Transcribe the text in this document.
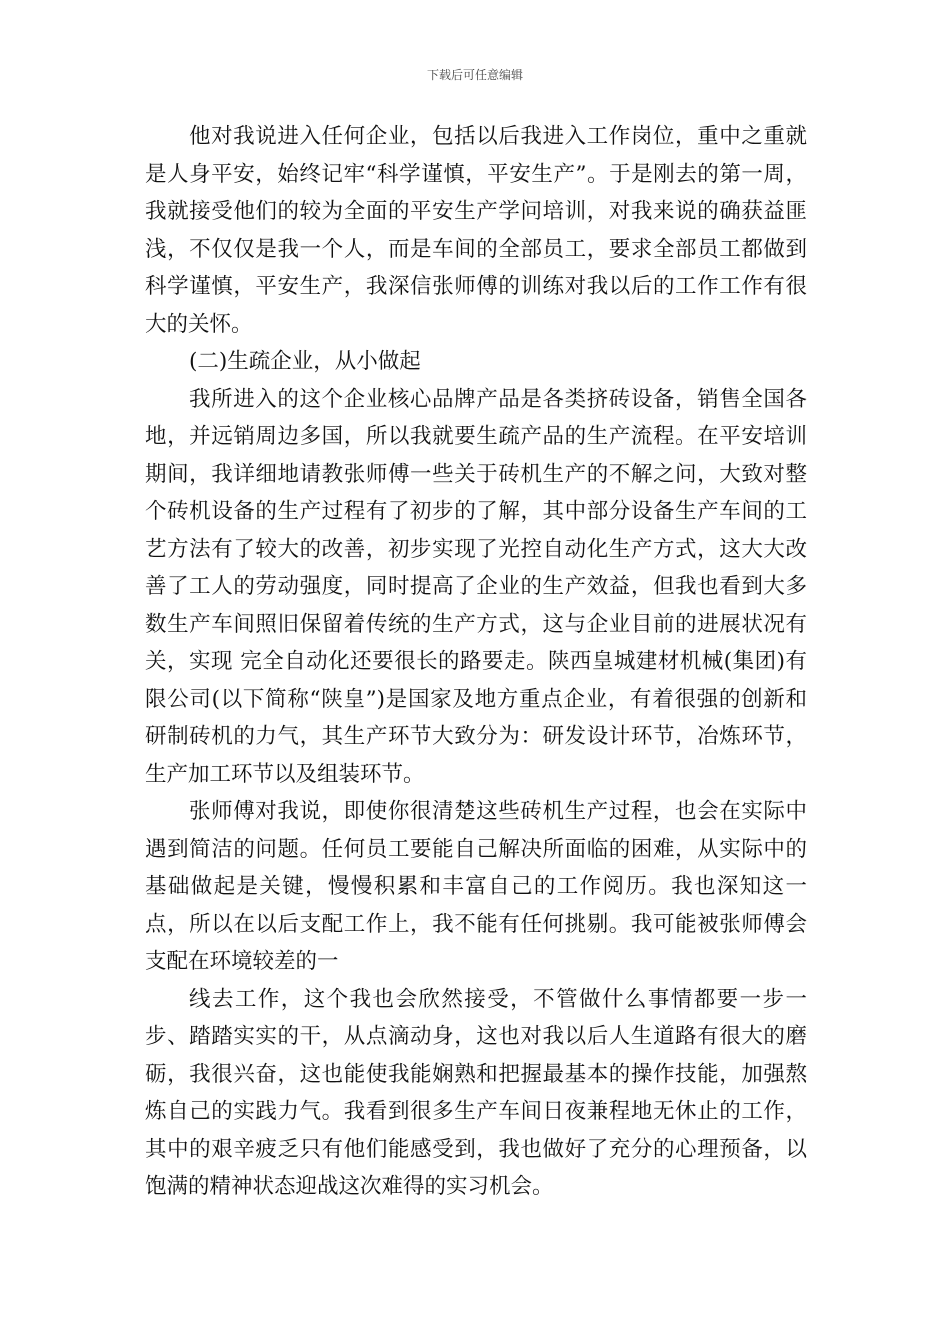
下载后可任意编辑

他对我说进入任何企业，包括以后我进入工作岗位，重中之重就是人身平安，始终记牢“科学谨慎，平安生产”。于是刚去的第一周，我就接受他们的较为全面的平安生产学问培训，对我来说的确获益匪浅，不仅仅是我一个人，而是车间的全部员工，要求全部员工都做到科学谨慎，平安生产，我深信张师傅的训练对我以后的工作工作有很大的关怀。

(二)生疏企业，从小做起

我所进入的这个企业核心品牌产品是各类挤砖设备，销售全国各地，并远销周边多国，所以我就要生疏产品的生产流程。在平安培训期间，我详细地请教张师傅一些关于砖机生产的不解之问，大致对整个砖机设备的生产过程有了初步的了解，其中部分设备生产车间的工艺方法有了较大的改善，初步实现了光控自动化生产方式，这大大改善了工人的劳动强度，同时提高了企业的生产效益，但我也看到大多数生产车间照旧保留着传统的生产方式，这与企业目前的进展状况有关，实现 完全自动化还要很长的路要走。陕西皇城建材机械(集团)有限公司(以下简称“陕皇”)是国家及地方重点企业，有着很强的创新和研制砖机的力气，其生产环节大致分为：研发设计环节，冶炼环节，生产加工环节以及组装环节。

张师傅对我说，即使你很清楚这些砖机生产过程，也会在实际中遇到简洁的问题。任何员工要能自己解决所面临的困难，从实际中的基础做起是关键，慢慢积累和丰富自己的工作阅历。我也深知这一点，所以在以后支配工作上，我不能有任何挑剔。我可能被张师傅会支配在环境较差的一

线去工作，这个我也会欣然接受，不管做什么事情都要一步一步、踏踏实实的干，从点滴动身，这也对我以后人生道路有很大的磨砺，我很兴奋，这也能使我能娴熟和把握最基本的操作技能，加强熬炼自己的实践力气。我看到很多生产车间日夜兼程地无休止的工作，其中的艰辛疲乏只有他们能感受到，我也做好了充分的心理预备，以饱满的精神状态迎战这次难得的实习机会。
